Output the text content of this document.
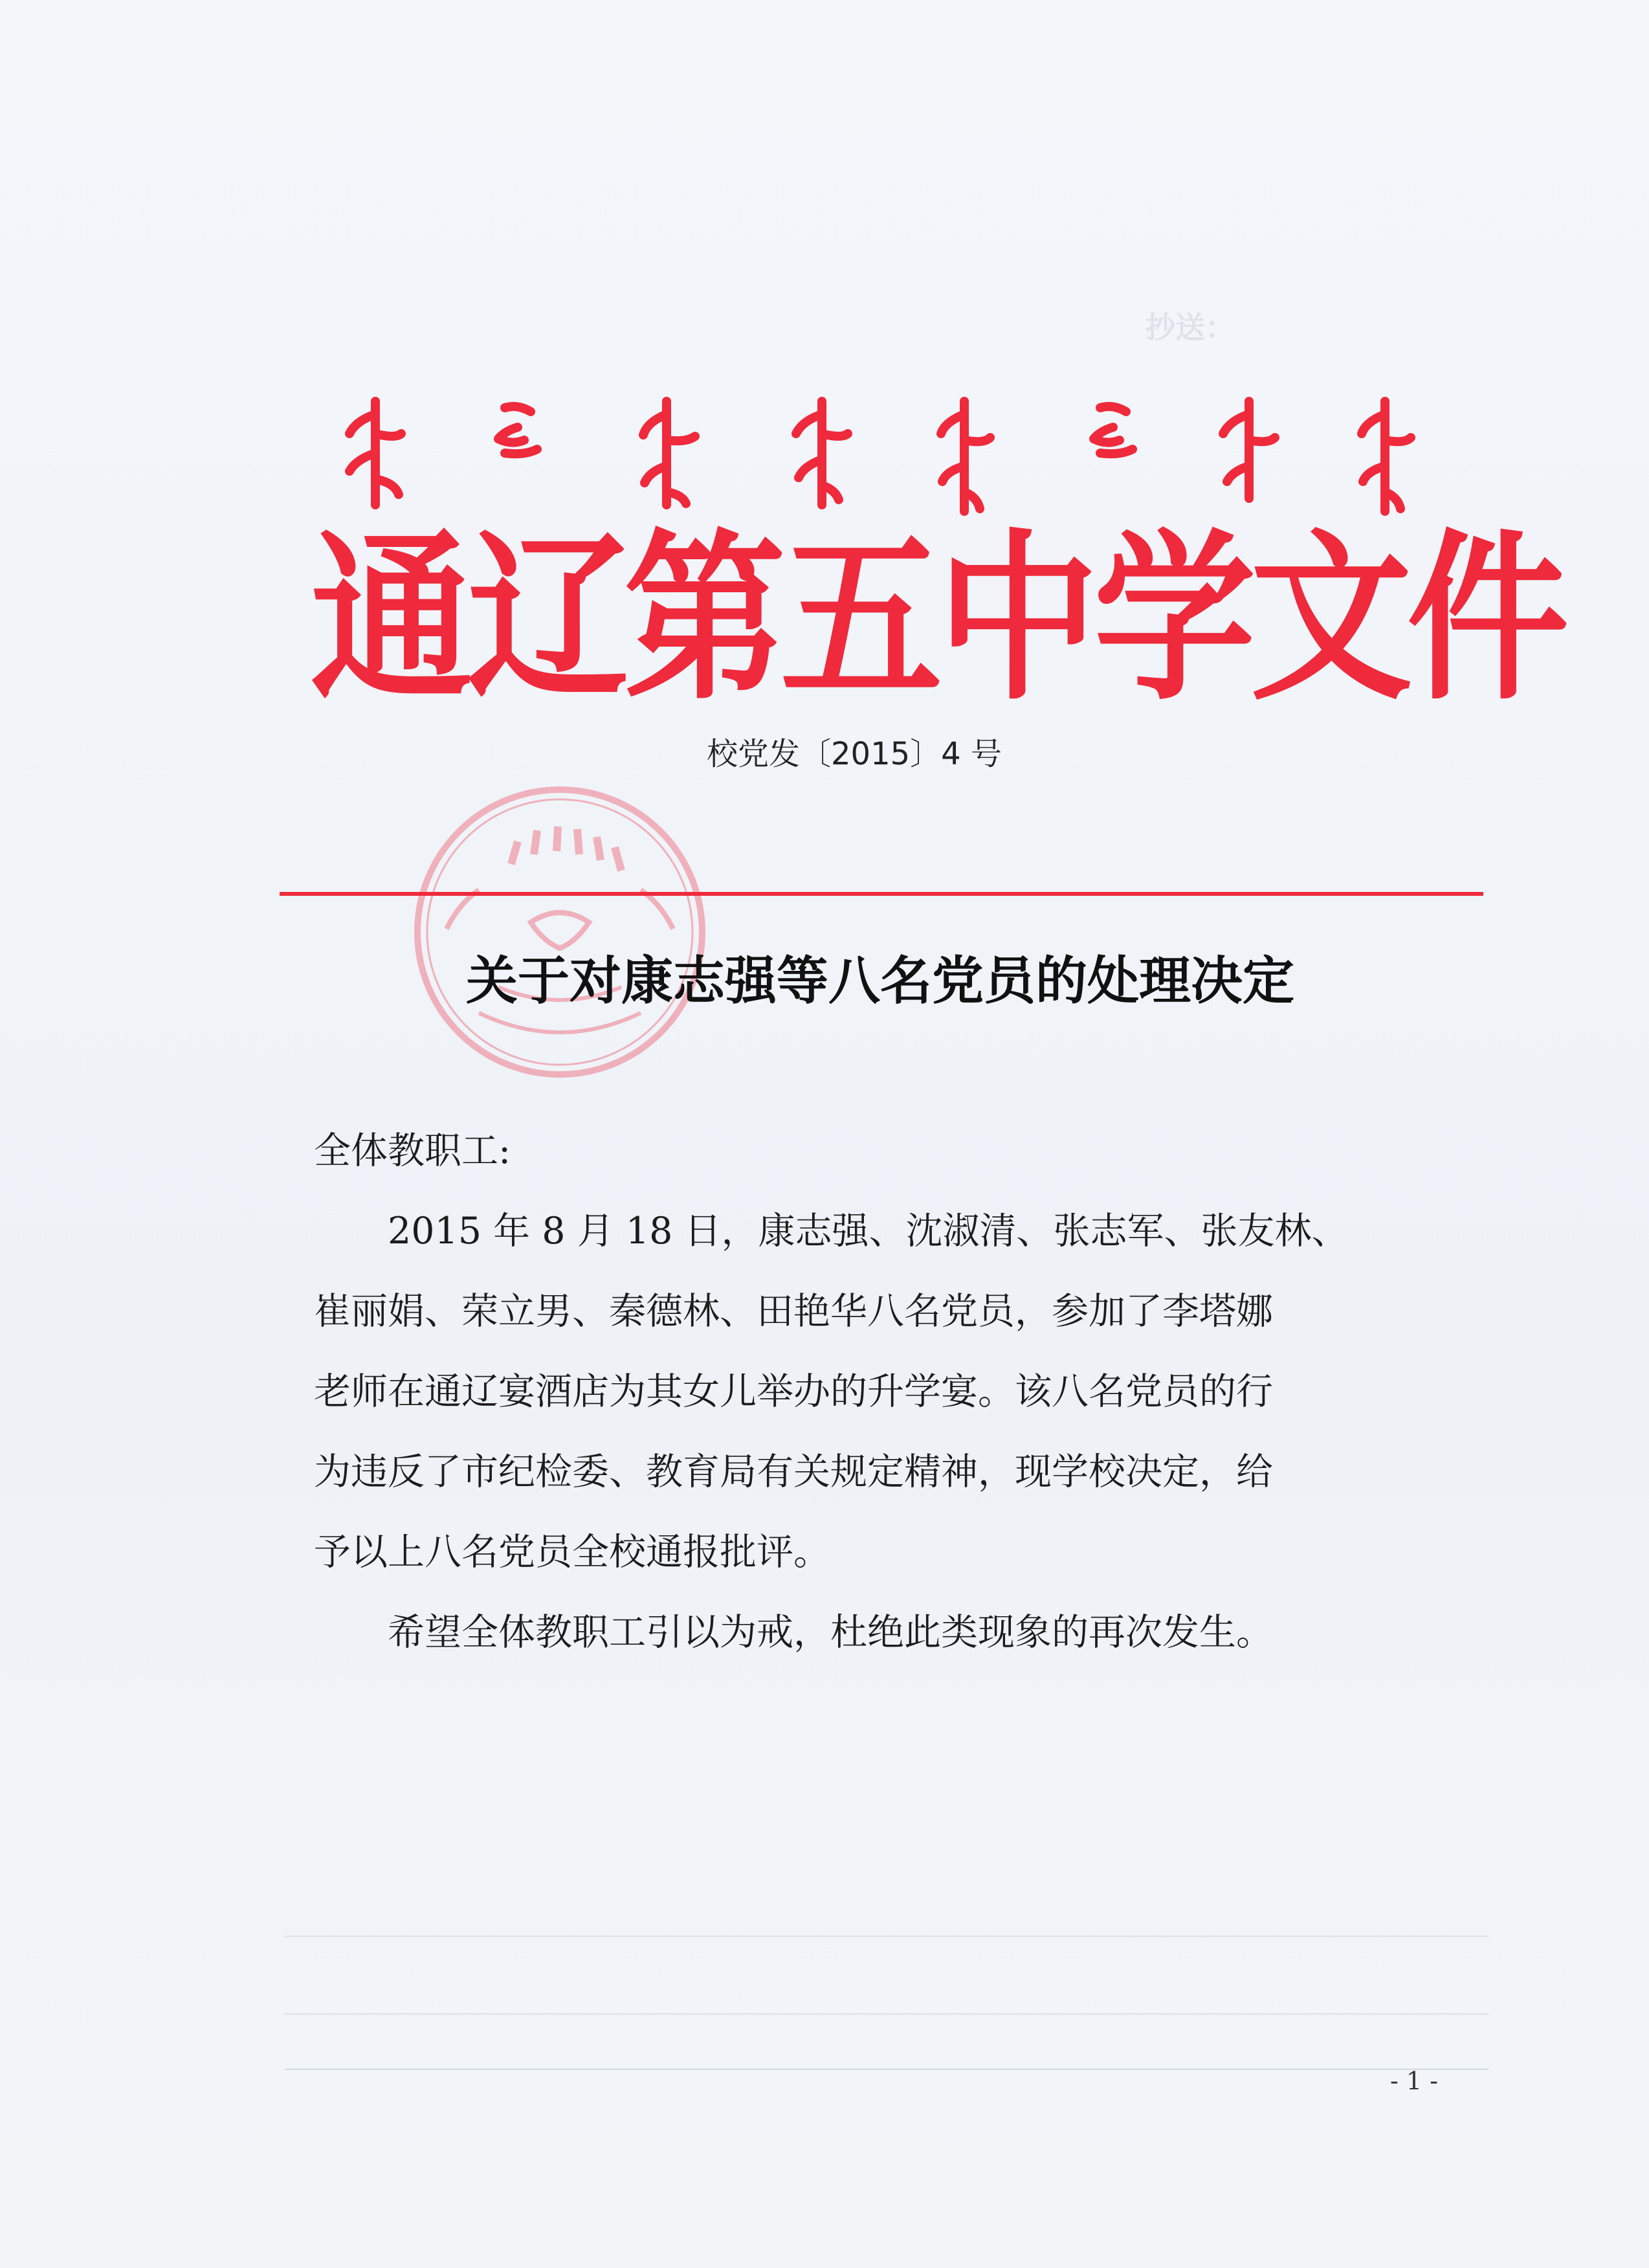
抄送：
通辽第五中学文件
校党发〔2015〕4 号
关于对康志强等八名党员的处理决定
全体教职工:
　　2015 年 8 月 18 日，康志强、沈淑清、张志军、张友林、
崔丽娟、荣立男、秦德林、田艳华八名党员，参加了李塔娜
老师在通辽宴酒店为其女儿举办的升学宴。该八名党员的行
为违反了市纪检委、教育局有关规定精神，现学校决定，给
予以上八名党员全校通报批评。
　　希望全体教职工引以为戒，杜绝此类现象的再次发生。
- 1 -
